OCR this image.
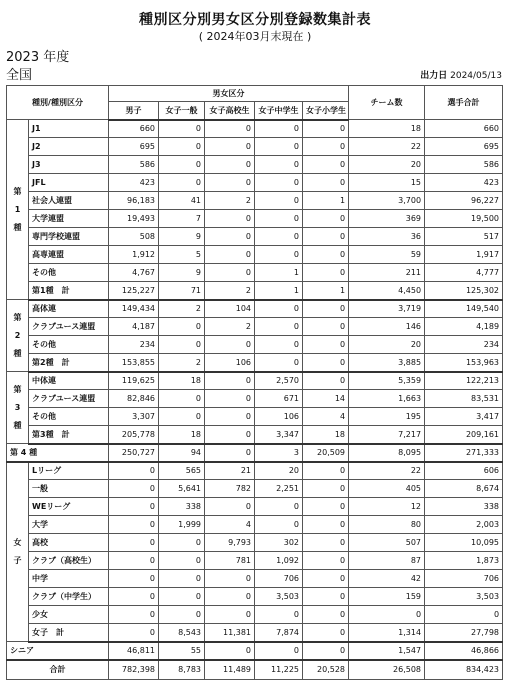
種別区分別男女区分別登録数集計表
( 2024年03月末現在 )
2023 年度
全国	出力日 2024/05/13
種別/種別区分		男女区分					チーム数	選手合計
		男子	女子一般	女子高校生	女子中学生	女子小学生		

第
1
種	J1	660	0	0	0	0	18	660
	J2	695	0	0	0	0	22	695
	J3	586	0	0	0	0	20	586
	JFL	423	0	0	0	0	15	423
	社会人連盟	96,183	41	2	0	1	3,700	96,227
	大学連盟	19,493	7	0	0	0	369	19,500
	専門学校連盟	508	9	0	0	0	36	517
	高専連盟	1,912	5	0	0	0	59	1,917
	その他	4,767	9	0	1	0	211	4,777
	第1種　計	125,227	71	2	1	1	4,450	125,302

第
2
種	高体連	149,434	2	104	0	0	3,719	149,540
	クラブユース連盟	4,187	0	2	0	0	146	4,189
	その他	234	0	0	0	0	20	234
	第2種　計	153,855	2	106	0	0	3,885	153,963

第
3
種	中体連	119,625	18	0	2,570	0	5,359	122,213
	クラブユース連盟	82,846	0	0	671	14	1,663	83,531
	その他	3,307	0	0	106	4	195	3,417
	第3種　計	205,778	18	0	3,347	18	7,217	209,161
第 4 種		250,727	94	0	3	20,509	8,095	271,333

女
子	Lリーグ	0	565	21	20	0	22	606
	一般	0	5,641	782	2,251	0	405	8,674
	WEリーグ	0	338	0	0	0	12	338
	大学	0	1,999	4	0	0	80	2,003
	高校	0	0	9,793	302	0	507	10,095
	クラブ（高校生）	0	0	781	1,092	0	87	1,873
	中学	0	0	0	706	0	42	706
	クラブ（中学生）	0	0	0	3,503	0	159	3,503
	少女	0	0	0	0	0	0	0
	女子　計	0	8,543	11,381	7,874	0	1,314	27,798
シニア		46,811	55	0	0	0	1,547	46,866
合計		782,398	8,783	11,489	11,225	20,528	26,508	834,423
